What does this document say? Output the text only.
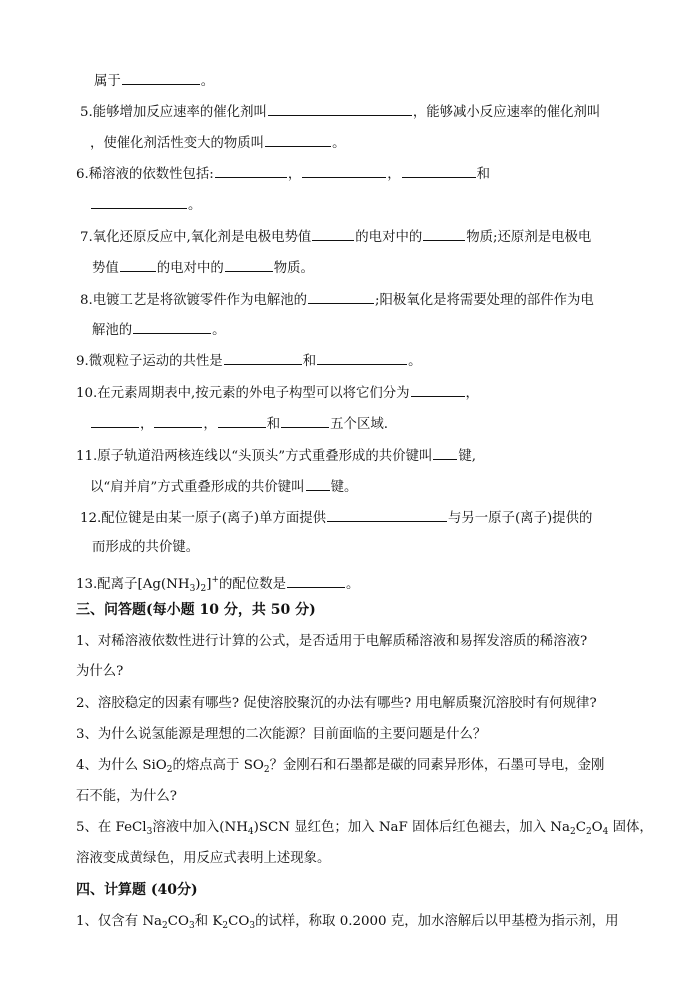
属于	。
5.能够增加反应速率的催化剂叫	，能够减小反应速率的催化剂叫
，使催化剂活性变大的物质叫	。
6.稀溶液的依数性包括:	，	，	和
。
7.氧化还原反应中,氧化剂是电极电势值	的电对中的	物质;还原剂是电极电
势值	的电对中的	物质。
8.电镀工艺是将欲镀零件作为电解池的	;阳极氧化是将需要处理的部件作为电
解池的	。
9.微观粒子运动的共性是	和	。
10.在元素周期表中,按元素的外电子构型可以将它们分为	，
，	，	和	五个区域.
11.原子轨道沿两核连线以“头顶头”方式重叠形成的共价键叫 键,
以“肩并肩”方式重叠形成的共价键叫 键。
12.配位键是由某一原子(离子)单方面提供	与另一原子(离子)提供的
而形成的共价键。
13.配离子$[Ag(NH_3)_2]^+$的配位数是	。
三、问答题(每小题 10 分，共 50 分)
1、对稀溶液依数性进行计算的公式，是否适用于电解质稀溶液和易挥发溶质的稀溶液?
为什么?
2、溶胶稳定的因素有哪些? 促使溶胶聚沉的办法有哪些? 用电解质聚沉溶胶时有何规律?
3、为什么说氢能源是理想的二次能源？目前面临的主要问题是什么？
4、为什么 SiO$_2$的熔点高于 $SO_2$？金刚石和石墨都是碳的同素异形体，石墨可导电，金刚
石不能，为什么?
5、在 FeCl$_3$溶液中加入$(NH_4)SCN$ 显红色；加入 NaF 固体后红色褪去，加入 $Na_2C_2O_4$ 固体，
溶液变成黄绿色，用反应式表明上述现象。
四、计算题 (40分)
1、仅含有 $Na_2CO_3$和 $K_2CO_3$的试样，称取 0.2000 克，加水溶解后以甲基橙为指示剂，用
